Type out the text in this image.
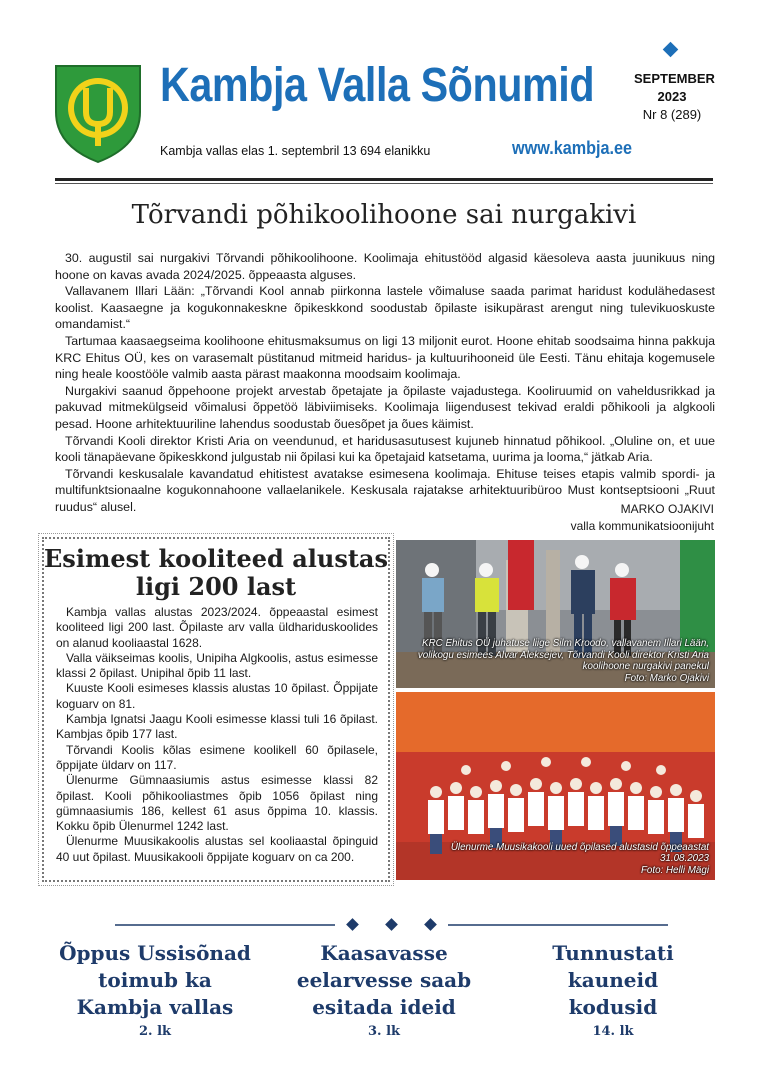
Kambja Valla Sõnumid
Kambja vallas elas 1. septembril 13 694 elanikku	www.kambja.ee
SEPTEMBER
2023
Nr 8 (289)
Tõrvandi põhikoolihoone sai nurgakivi

30. augustil sai nurgakivi Tõrvandi põhikoolihoone. Koolimaja ehitustööd algasid käesoleva aasta juunikuus ning hoone on kavas avada 2024/2025. õppeaasta alguses.

Vallavanem Illari Lään: „Tõrvandi Kool annab piirkonna lastele võimaluse saada parimat haridust kodulähedasest koolist. Kaasaegne ja kogukonnakeskne õpikeskkond soodustab õpilaste isikupärast arengut ning tulevikuoskuste omandamist.“

Tartumaa kaasaegseima koolihoone ehitusmaksumus on ligi 13 miljonit eurot. Hoone ehitab soodsaima hinna pakkuja KRC Ehitus OÜ, kes on varasemalt püstitanud mitmeid haridus- ja kultuurihooneid üle Eesti. Tänu ehitaja kogemusele ning heale koostööle valmib aasta pärast maakonna moodsaim koolimaja.

Nurgakivi saanud õppehoone projekt arvestab õpetajate ja õpilaste vajadustega. Kooliruumid on vaheldusrikkad ja pakuvad mitmekülgseid võimalusi õppetöö läbiviimiseks. Koolimaja liigendusest tekivad eraldi põhikooli ja algkooli pesad. Hoone arhitektuuriline lahendus soodustab õuesõpet ja õues käimist.

Tõrvandi Kooli direktor Kristi Aria on veendunud, et haridusasutusest kujuneb hinnatud põhikool. „Oluline on, et uue kooli tänapäevane õpikeskkond julgustab nii õpilasi kui ka õpetajaid katsetama, uurima ja looma,“ jätkab Aria.

Tõrvandi keskusalale kavandatud ehitistest avatakse esimesena koolimaja. Ehituse teises etapis valmib spordi- ja multifunktsionaalne kogukonnahoone vallaelanikele. Keskusala rajatakse arhitektuuribüroo Must kontseptsiooni „Ruut ruudus“ alusel.	MARKO OJAKIVI
valla kommunikatsioonijuht
Esimest kooliteed alustas ligi 200 last

Kambja vallas alustas 2023/2024. õppeaastal esimest kooliteed ligi 200 last. Õpilaste arv valla üldhariduskoolides on alanud kooliaastal 1628.

Valla väikseimas koolis, Unipiha Algkoolis, astus esimesse klassi 2 õpilast. Unipihal õpib 11 last.

Kuuste Kooli esimeses klassis alustas 10 õpilast. Õppijate koguarv on 81.

Kambja Ignatsi Jaagu Kooli esimesse klassi tuli 16 õpilast. Kambjas õpib 177 last.

Tõrvandi Koolis kõlas esimene koolikell 60 õpilasele, õppijate üldarv on 117.

Ülenurme Gümnaasiumis astus esimesse klassi 82 õpilast. Kooli põhikooliastmes õpib 1056 õpilast ning gümnaasiumis 186, kellest 61 asus õppima 10. klassis. Kokku õpib Ülenurmel 1242 last.

Ülenurme Muusikakoolis alustas sel kooliaastal õpinguid 40 uut õpilast. Muusikakooli õppijate koguarv on ca 200.

KRC Ehitus OÜ juhatuse liige Silm Kroodo, vallavanem Illari Lään,
volikogu esimees Alvar Aleksejev, Tõrvandi Kooli direktor Kristi Aria
koolihoone nurgakivi panekul
Foto: Marko Ojakivi
Ülenurme Muusikakooli uued õpilased alustasid õppeaastat
31.08.2023
Foto: Helli Mägi
Õppus Ussisõnad
toimub ka
Kambja vallas
2. lk
Kaasavasse
eelarvesse saab
esitada ideid
3. lk
Tunnustati
kauneid
kodusid
14. lk
